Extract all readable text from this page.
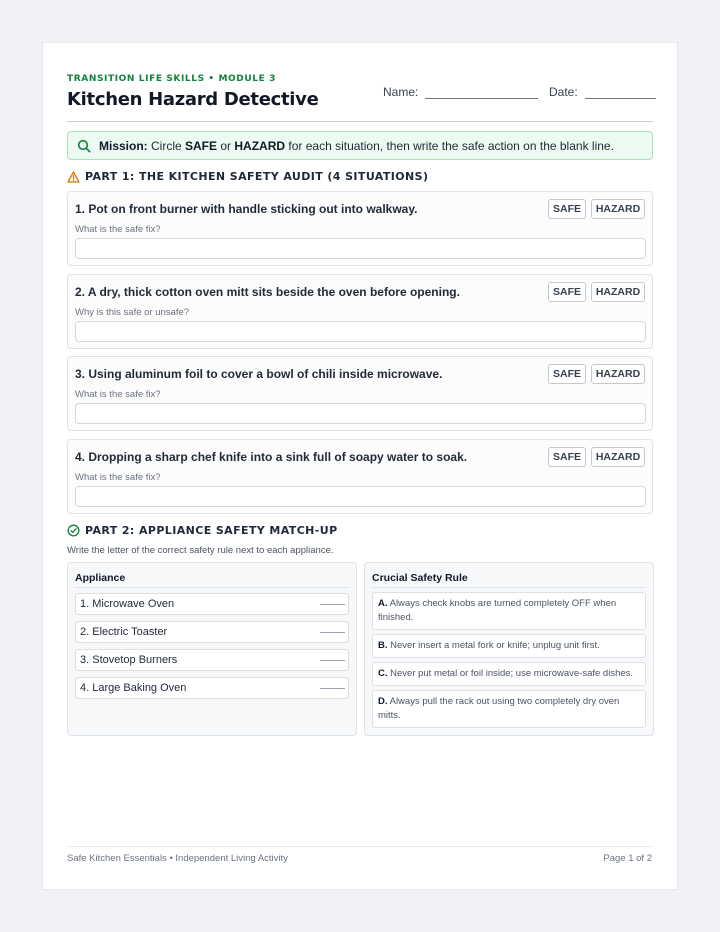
TRANSITION LIFE SKILLS • MODULE 3
Kitchen Hazard Detective	Name:	Date:
Mission: Circle SAFE or HAZARD for each situation, then write the safe action on the blank line.
PART 1: THE KITCHEN SAFETY AUDIT (4 SITUATIONS)
1. Pot on front burner with handle sticking out into walkway.	SAFE	HAZARD
What is the safe fix?
2. A dry, thick cotton oven mitt sits beside the oven before opening.	SAFE	HAZARD
Why is this safe or unsafe?
3. Using aluminum foil to cover a bowl of chili inside microwave.	SAFE	HAZARD
What is the safe fix?
4. Dropping a sharp chef knife into a sink full of soapy water to soak.	SAFE	HAZARD
What is the safe fix?
PART 2: APPLIANCE SAFETY MATCH-UP
Write the letter of the correct safety rule next to each appliance.
Appliance
1. Microwave Oven
2. Electric Toaster
3. Stovetop Burners
4. Large Baking Oven
Crucial Safety Rule
A. Always check knobs are turned completely OFF when finished.
B. Never insert a metal fork or knife; unplug unit first.
C. Never put metal or foil inside; use microwave-safe dishes.
D. Always pull the rack out using two completely dry oven mitts.
Safe Kitchen Essentials • Independent Living Activity	Page 1 of 2
